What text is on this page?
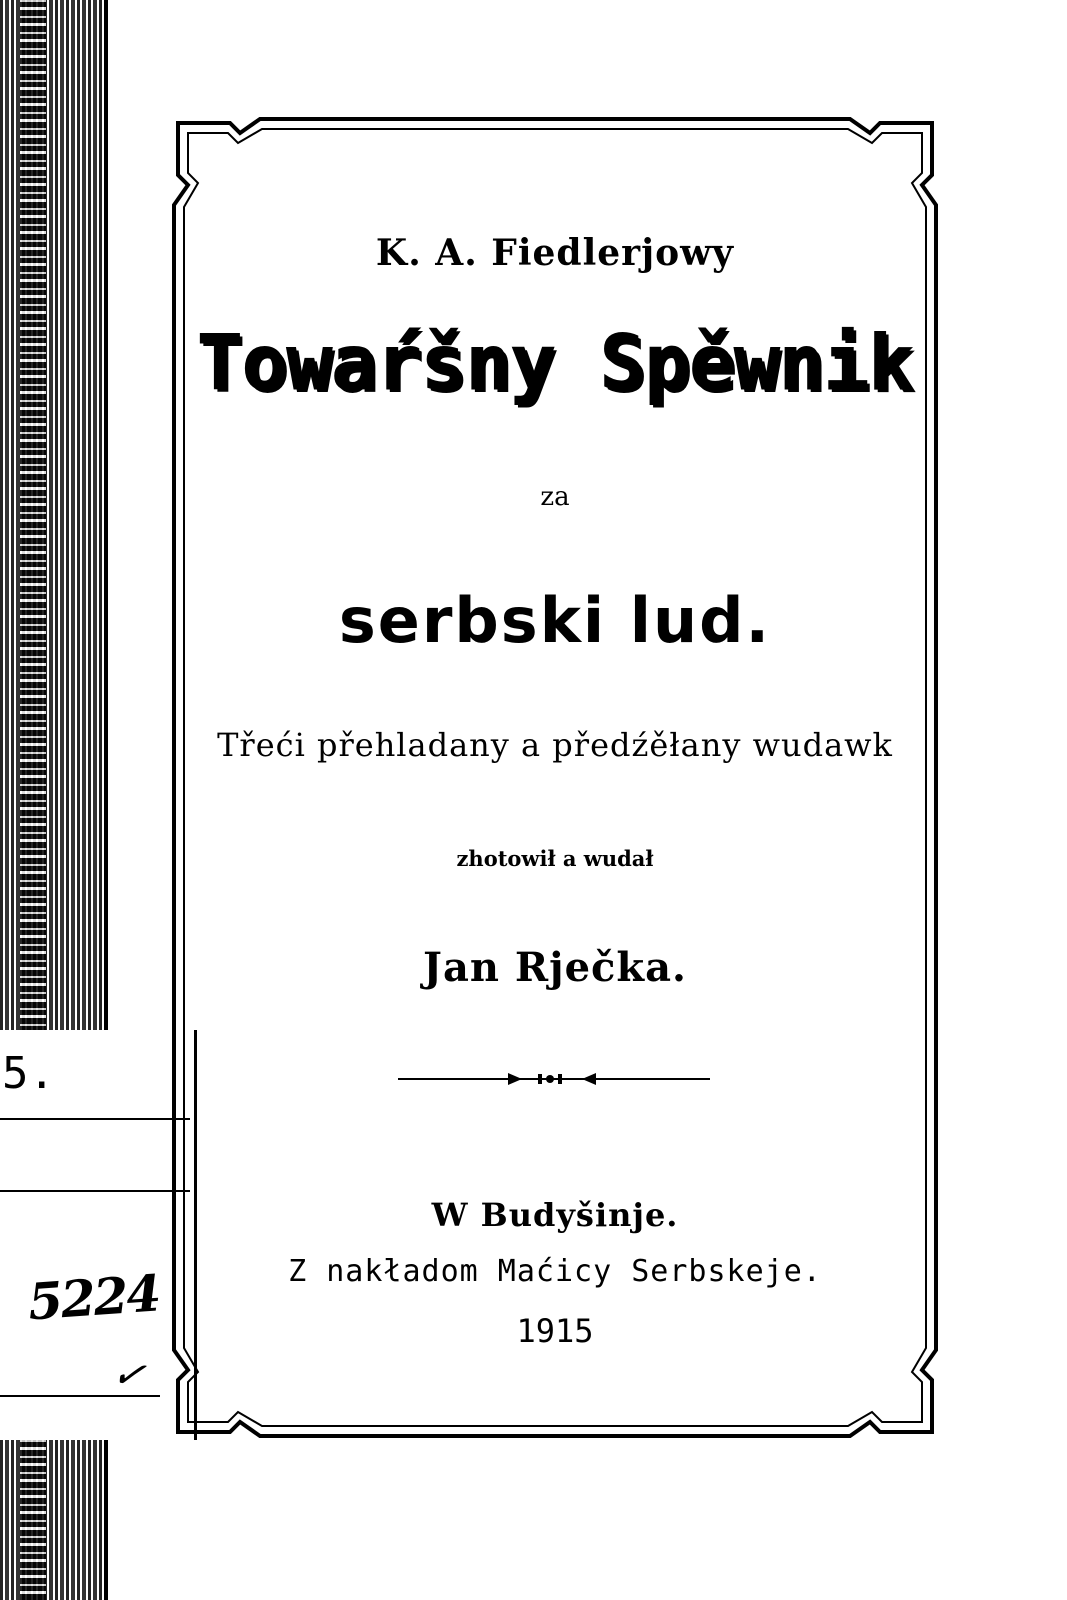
5.
5224
✓
K. A. Fiedlerjowy
Towaŕšny Spěwnik
za
serbski lud.
Třeći přehladany a předźěłany wudawk
zhotowił a wudał
Jan Rječka.
W Budyšinje.
Z nakładom Maćicy Serbskeje.
1915
